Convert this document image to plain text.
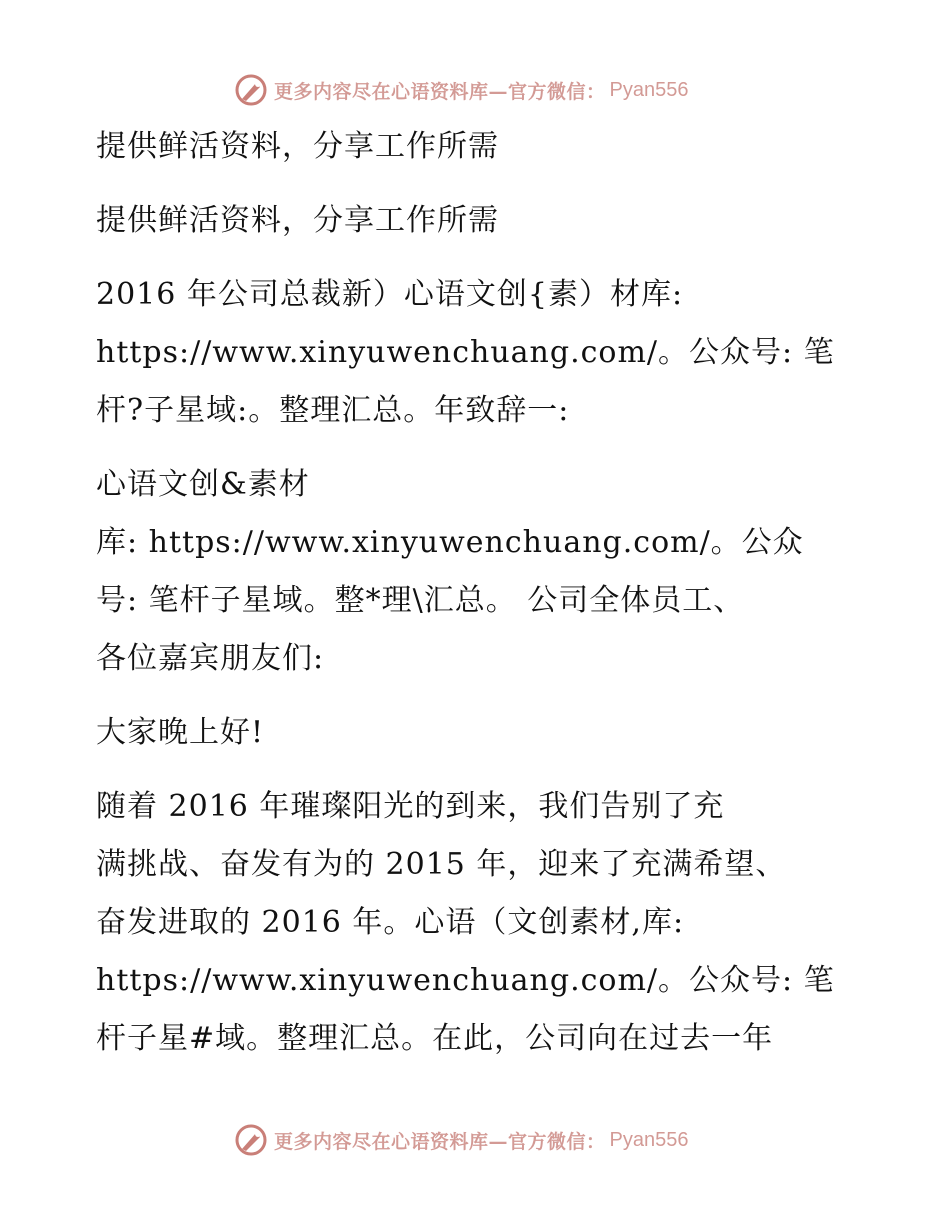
更多内容尽在心语资料库—官方微信： Pyan556
提供鲜活资料，分享工作所需
提供鲜活资料，分享工作所需
2016 年公司总裁新）心语文创{素）材库:
https://www.xinyuwenchuang.com/。公众号: 笔
杆?子星域:。整理汇总。年致辞一:
心语文创&素材
库: https://www.xinyuwenchuang.com/。公众
号: 笔杆子星域。整*理\汇总。 公司全体员工、
各位嘉宾朋友们:
大家晚上好!
随着 2016 年璀璨阳光的到来，我们告别了充
满挑战、奋发有为的 2015 年，迎来了充满希望、
奋发进取的 2016 年。心语（文创素材,库:
https://www.xinyuwenchuang.com/。公众号: 笔
杆子星#域。整理汇总。在此，公司向在过去一年
更多内容尽在心语资料库—官方微信： Pyan556
